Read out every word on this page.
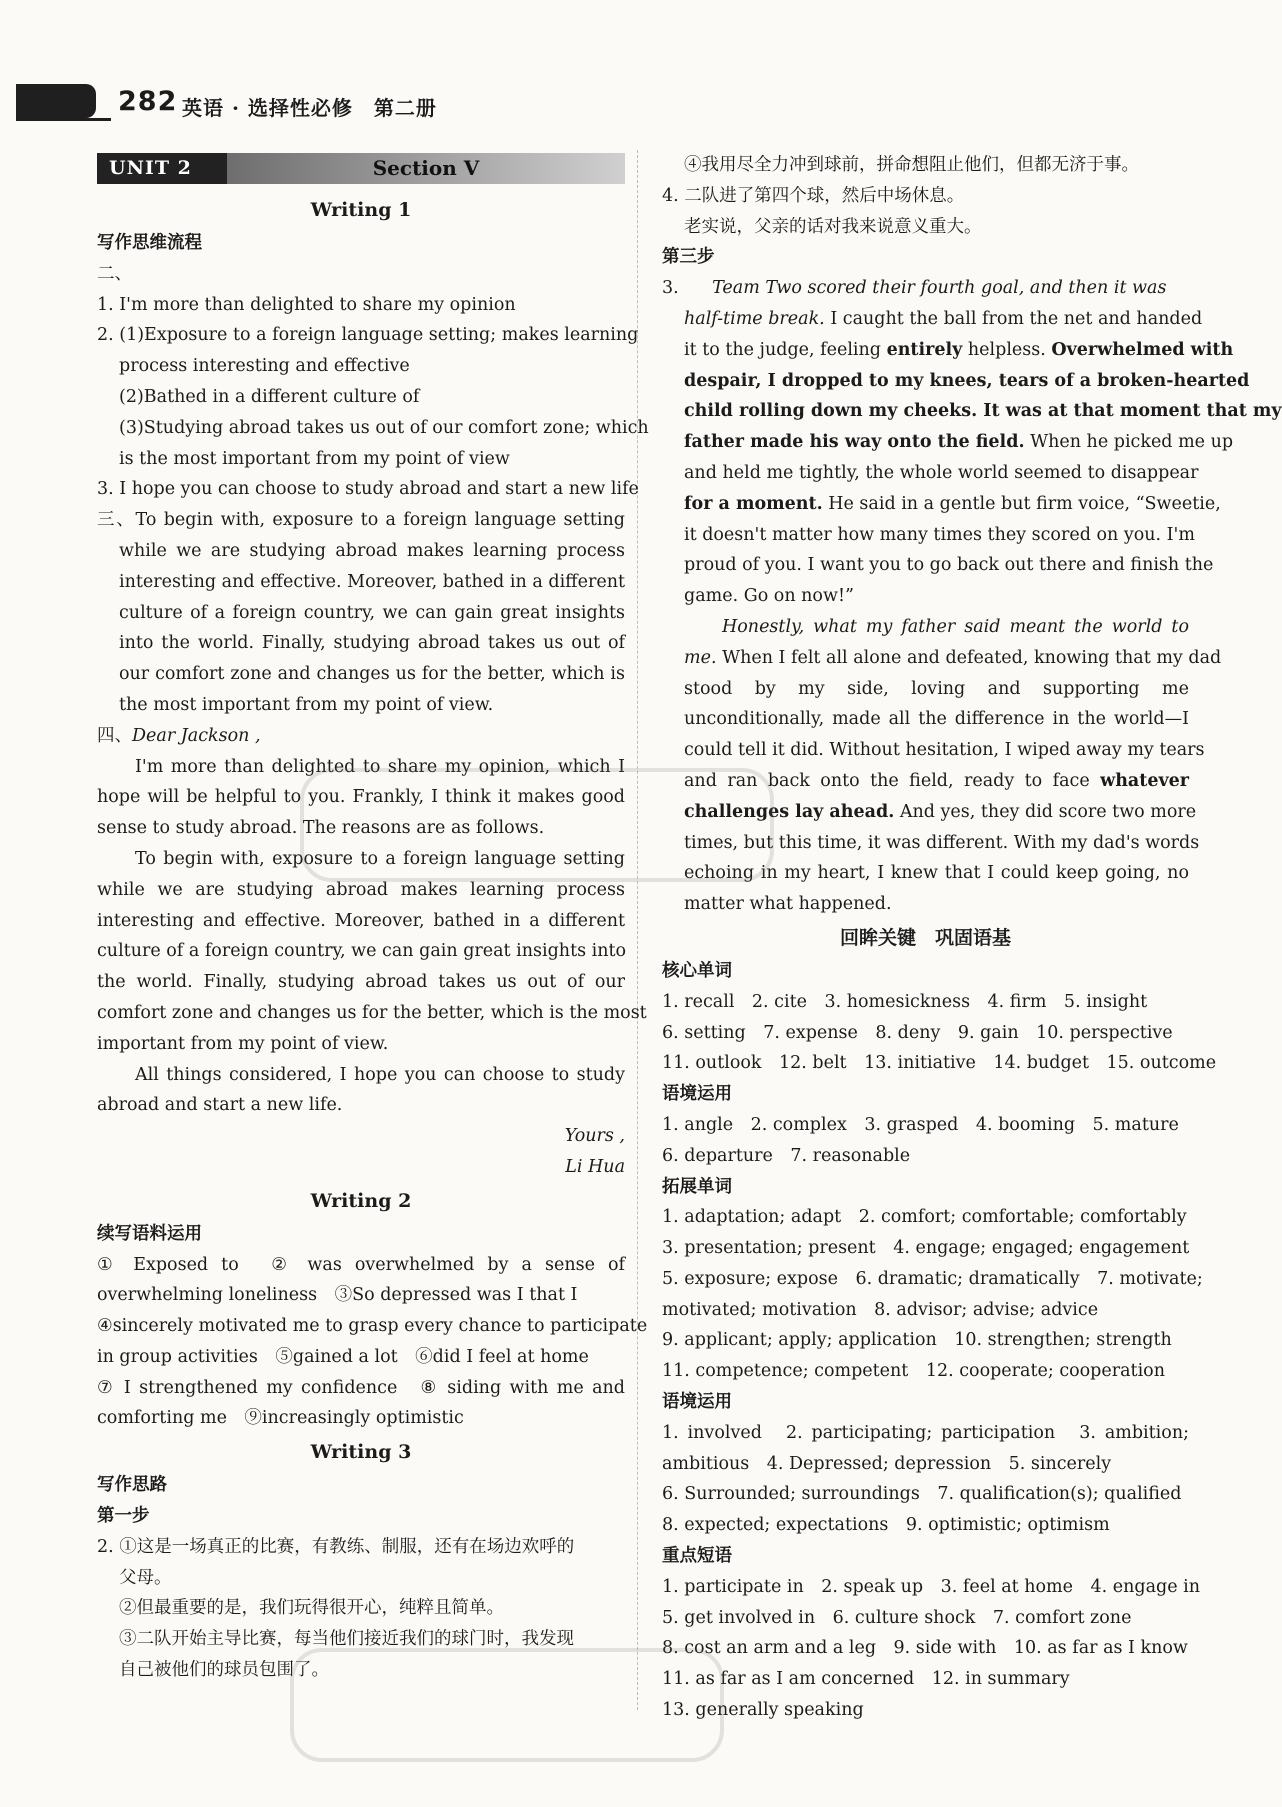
282 英语 · 选择性必修　第二册
UNIT 2	Section Ⅴ
Writing 1
写作思维流程
二、
1. I'm more than delighted to share my opinion
2. (1)Exposure to a foreign language setting; makes learning
process interesting and effective
(2)Bathed in a different culture of
(3)Studying abroad takes us out of our comfort zone; which
is the most important from my point of view
3. I hope you can choose to study abroad and start a new life
三、To begin with, exposure to a foreign language setting
while we are studying abroad makes learning process
interesting and effective. Moreover, bathed in a different
culture of a foreign country, we can gain great insights
into the world. Finally, studying abroad takes us out of
our comfort zone and changes us for the better, which is
the most important from my point of view.
四、Dear Jackson ,
I'm more than delighted to share my opinion, which I
hope will be helpful to you. Frankly, I think it makes good
sense to study abroad. The reasons are as follows.
To begin with, exposure to a foreign language setting
while we are studying abroad makes learning process
interesting and effective. Moreover, bathed in a different
culture of a foreign country, we can gain great insights into
the world. Finally, studying abroad takes us out of our
comfort zone and changes us for the better, which is the most
important from my point of view.
All things considered, I hope you can choose to study
abroad and start a new life.
Yours ,
Li Hua
Writing 2
续写语料运用
① Exposed to　② was overwhelmed by a sense of
overwhelming loneliness　③So depressed was I that I
④sincerely motivated me to grasp every chance to participate
in group activities　⑤gained a lot　⑥did I feel at home
⑦ I strengthened my confidence　⑧ siding with me and
comforting me　⑨increasingly optimistic
Writing 3
写作思路
第一步
2. ①这是一场真正的比赛，有教练、制服，还有在场边欢呼的
父母。
②但最重要的是，我们玩得很开心，纯粹且简单。
③二队开始主导比赛，每当他们接近我们的球门时，我发现
自己被他们的球员包围了。
④我用尽全力冲到球前，拼命想阻止他们，但都无济于事。
4. 二队进了第四个球，然后中场休息。
老实说，父亲的话对我来说意义重大。
第三步
3. Team Two scored their fourth goal, and then it was
half-time break. I caught the ball from the net and handed
it to the judge, feeling entirely helpless. Overwhelmed with
despair, I dropped to my knees, tears of a broken-hearted
child rolling down my cheeks. It was at that moment that my
father made his way onto the field. When he picked me up
and held me tightly, the whole world seemed to disappear
for a moment. He said in a gentle but firm voice, “Sweetie,
it doesn't matter how many times they scored on you. I'm
proud of you. I want you to go back out there and finish the
game. Go on now!”
Honestly, what my father said meant the world to
me. When I felt all alone and defeated, knowing that my dad
stood by my side, loving and supporting me
unconditionally, made all the difference in the world—I
could tell it did. Without hesitation, I wiped away my tears
and ran back onto the field, ready to face whatever
challenges lay ahead. And yes, they did score two more
times, but this time, it was different. With my dad's words
echoing in my heart, I knew that I could keep going, no
matter what happened.
回眸关键　巩固语基
核心单词
1. recall　2. cite　3. homesickness　4. firm　5. insight
6. setting　7. expense　8. deny　9. gain　10. perspective
11. outlook　12. belt　13. initiative　14. budget　15. outcome
语境运用
1. angle　2. complex　3. grasped　4. booming　5. mature
6. departure　7. reasonable
拓展单词
1. adaptation; adapt　2. comfort; comfortable; comfortably
3. presentation; present　4. engage; engaged; engagement
5. exposure; expose　6. dramatic; dramatically　7. motivate;
motivated; motivation　8. advisor; advise; advice
9. applicant; apply; application　10. strengthen; strength
11. competence; competent　12. cooperate; cooperation
语境运用
1. involved　2. participating; participation　3. ambition;
ambitious　4. Depressed; depression　5. sincerely
6. Surrounded; surroundings　7. qualification(s); qualified
8. expected; expectations　9. optimistic; optimism
重点短语
1. participate in　2. speak up　3. feel at home　4. engage in
5. get involved in　6. culture shock　7. comfort zone
8. cost an arm and a leg　9. side with　10. as far as I know
11. as far as I am concerned　12. in summary
13. generally speaking
